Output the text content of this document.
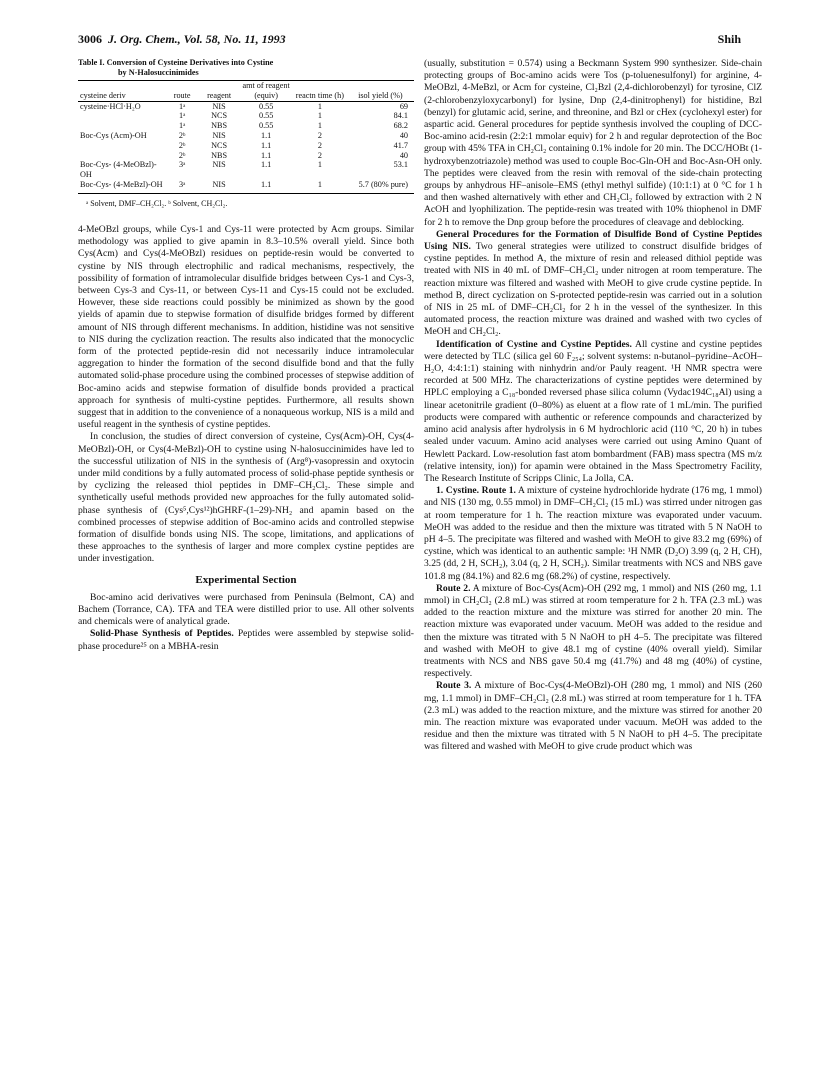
3006 J. Org. Chem., Vol. 58, No. 11, 1993	Shih
Table I. Conversion of Cysteine Derivatives into Cystine
by N-Halosuccinimides
cysteine deriv	route	reagent	amt of reagent (equiv)	reactn time (h)	isol yield (%)
cysteine·HCl·H₂O	1ᵃ	NIS	0.55	1	69
	1ᵃ	NCS	0.55	1	84.1
	1ᵃ	NBS	0.55	1	68.2
Boc-Cys (Acm)-OH	2ᵇ	NIS	1.1	2	40
	2ᵇ	NCS	1.1	2	41.7
	2ᵇ	NBS	1.1	2	40
Boc-Cys- (4-MeOBzl)-OH	3ᵃ	NIS	1.1	1	53.1
Boc-Cys- (4-MeBzl)-OH	3ᵃ	NIS	1.1	1	5.7 (80% pure)

ᵃ Solvent, DMF–CH₂Cl₂. ᵇ Solvent, CH₂Cl₂.

4-MeOBzl groups, while Cys-1 and Cys-11 were protected by Acm groups. Similar methodology was applied to give apamin in 8.3–10.5% overall yield. Since both Cys(Acm) and Cys(4-MeOBzl) residues on peptide-resin would be converted to cystine by NIS through electrophilic and radical mechanisms, respectively, the possibility of formation of intramolecular disulfide bridges between Cys-1 and Cys-3, between Cys-3 and Cys-11, or between Cys-11 and Cys-15 could not be excluded. However, these side reactions could possibly be minimized as shown by the good yields of apamin due to stepwise formation of disulfide bridges formed by different amount of NIS through different mechanisms. In addition, histidine was not sensitive to NIS during the cyclization reaction. The results also indicated that the monocyclic form of the protected peptide-resin did not necessarily induce intramolecular aggregation to hinder the formation of the second disulfide bond and that the fully automated solid-phase procedure using the combined processes of stepwise addition of Boc-amino acids and stepwise formation of disulfide bonds provided a practical approach for synthesis of multi-cystine peptides. Furthermore, all results shown suggest that in addition to the convenience of a nonaqueous workup, NIS is a mild and useful reagent in the synthesis of cystine peptides.

In conclusion, the studies of direct conversion of cysteine, Cys(Acm)-OH, Cys(4-MeOBzl)-OH, or Cys(4-MeBzl)-OH to cystine using N-halosuccinimides have led to the successful utilization of NIS in the synthesis of (Arg⁸)-vasopressin and oxytocin under mild conditions by a fully automated process of solid-phase peptide synthesis or by cyclizing the released thiol peptides in DMF–CH₂Cl₂. These simple and synthetically useful methods provided new approaches for the fully automated solid-phase synthesis of (Cys⁵,Cys¹²)hGHRF-(1–29)-NH₂ and apamin based on the combined processes of stepwise addition of Boc-amino acids and controlled stepwise formation of disulfide bonds using NIS. The scope, limitations, and applications of these approaches to the synthesis of larger and more complex cystine peptides are under investigation.

Experimental Section

Boc-amino acid derivatives were purchased from Peninsula (Belmont, CA) and Bachem (Torrance, CA). TFA and TEA were distilled prior to use. All other solvents and chemicals were of analytical grade.

Solid-Phase Synthesis of Peptides. Peptides were assembled by stepwise solid-phase procedure²⁵ on a MBHA-resin

(usually, substitution = 0.574) using a Beckmann System 990 synthesizer. Side-chain protecting groups of Boc-amino acids were Tos (p-toluenesulfonyl) for arginine, 4-MeOBzl, 4-MeBzl, or Acm for cysteine, Cl₂Bzl (2,4-dichlorobenzyl) for tyrosine, ClZ (2-chlorobenzyloxycarbonyl) for lysine, Dnp (2,4-dinitrophenyl) for histidine, Bzl (benzyl) for glutamic acid, serine, and threonine, and Bzl or cHex (cyclohexyl ester) for aspartic acid. General procedures for peptide synthesis involved the coupling of DCC-Boc-amino acid-resin (2:2:1 mmolar equiv) for 2 h and regular deprotection of the Boc group with 45% TFA in CH₂Cl₂ containing 0.1% indole for 20 min. The DCC/HOBt (1-hydroxybenzotriazole) method was used to couple Boc-Gln-OH and Boc-Asn-OH only. The peptides were cleaved from the resin with removal of the side-chain protecting groups by anhydrous HF–anisole–EMS (ethyl methyl sulfide) (10:1:1) at 0 °C for 1 h and then washed alternatively with ether and CH₂Cl₂ followed by extraction with 2 N AcOH and lyophilization. The peptide-resin was treated with 10% thiophenol in DMF for 2 h to remove the Dnp group before the procedures of cleavage and deblocking.

General Procedures for the Formation of Disulfide Bond of Cystine Peptides Using NIS. Two general strategies were utilized to construct disulfide bridges of cystine peptides. In method A, the mixture of resin and released dithiol peptide was treated with NIS in 40 mL of DMF–CH₂Cl₂ under nitrogen at room temperature. The reaction mixture was filtered and washed with MeOH to give crude cystine peptide. In method B, direct cyclization on S-protected peptide-resin was carried out in a solution of NIS in 25 mL of DMF–CH₂Cl₂ for 2 h in the vessel of the synthesizer. In this automated process, the reaction mixture was drained and washed with two cycles of MeOH and CH₂Cl₂.

Identification of Cystine and Cystine Peptides. All cystine and cystine peptides were detected by TLC (silica gel 60 F₂₅₄; solvent systems: n-butanol–pyridine–AcOH–H₂O, 4:4:1:1) staining with ninhydrin and/or Pauly reagent. ¹H NMR spectra were recorded at 500 MHz. The characterizations of cystine peptides were determined by HPLC employing a C₁₈-bonded reversed phase silica column (Vydac194C₁₈Al) using a linear acetonitrile gradient (0–80%) as eluent at a flow rate of 1 mL/min. The purified products were compared with authentic or reference compounds and characterized by amino acid analysis after hydrolysis in 6 M hydrochloric acid (110 °C, 20 h) in tubes sealed under vacuum. Amino acid analyses were carried out using Amino Quant of Hewlett Packard. Low-resolution fast atom bombardment (FAB) mass spectra (MS m/z (relative intensity, ion)) for apamin were obtained in the Mass Spectrometry Facility, The Research Institute of Scripps Clinic, La Jolla, CA.

1. Cystine. Route 1. A mixture of cysteine hydrochloride hydrate (176 mg, 1 mmol) and NIS (130 mg, 0.55 mmol) in DMF–CH₂Cl₂ (15 mL) was stirred under nitrogen gas at room temperature for 1 h. The reaction mixture was evaporated under vacuum. MeOH was added to the residue and then the mixture was titrated with 5 N NaOH to pH 4–5. The precipitate was filtered and washed with MeOH to give 83.2 mg (69%) of cystine, which was identical to an authentic sample: ¹H NMR (D₂O) 3.99 (q, 2 H, CH), 3.25 (dd, 2 H, SCH₂), 3.04 (q, 2 H, SCH₂). Similar treatments with NCS and NBS gave 101.8 mg (84.1%) and 82.6 mg (68.2%) of cystine, respectively.

Route 2. A mixture of Boc-Cys(Acm)-OH (292 mg, 1 mmol) and NIS (260 mg, 1.1 mmol) in CH₂Cl₂ (2.8 mL) was stirred at room temperature for 2 h. TFA (2.3 mL) was added to the reaction mixture and the mixture was stirred for another 20 min. The reaction mixture was evaporated under vacuum. MeOH was added to the residue and then the mixture was titrated with 5 N NaOH to pH 4–5. The precipitate was filtered and washed with MeOH to give 48.1 mg of cystine (40% overall yield). Similar treatments with NCS and NBS gave 50.4 mg (41.7%) and 48 mg (40%) of cystine, respectively.

Route 3. A mixture of Boc-Cys(4-MeOBzl)-OH (280 mg, 1 mmol) and NIS (260 mg, 1.1 mmol) in DMF–CH₂Cl₂ (2.8 mL) was stirred at room temperature for 1 h. TFA (2.3 mL) was added to the reaction mixture, and the mixture was stirred for another 20 min. The reaction mixture was evaporated under vacuum. MeOH was added to the residue and then the mixture was titrated with 5 N NaOH to pH 4–5. The precipitate was filtered and washed with MeOH to give crude product which was
